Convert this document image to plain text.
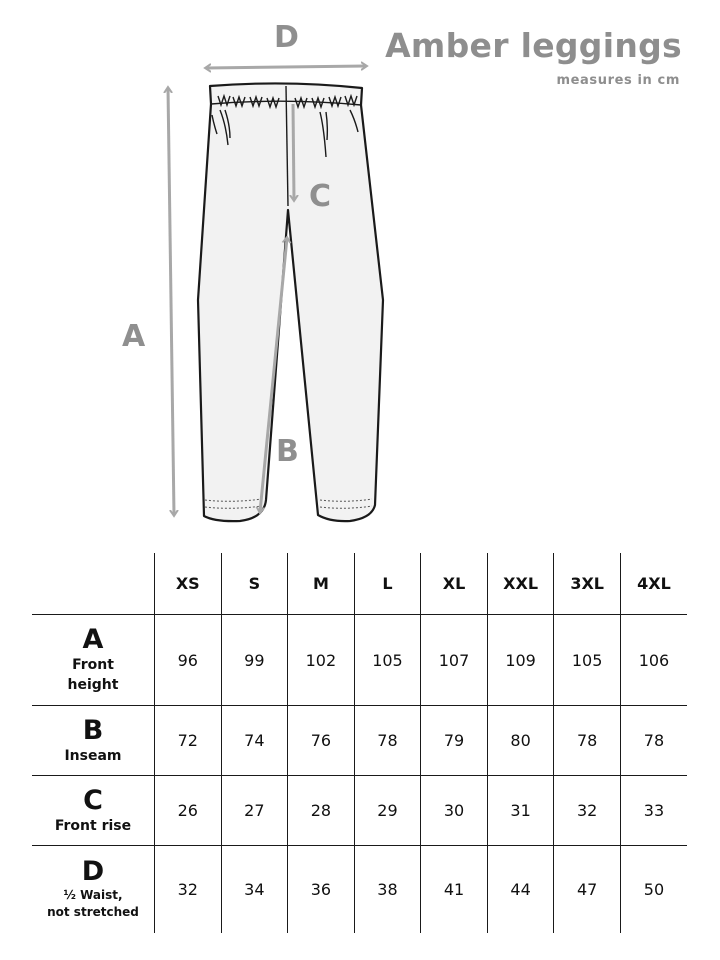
Amber leggings
measures in cm
D
C
A
B
	XS	S	M	L	XL	XXL	3XL	4XL

A
Front
height	96	99	102	105	107	109	105	106

B
Inseam	72	74	76	78	79	80	78	78

C
Front rise	26	27	28	29	30	31	32	33

D
½ Waist,
not stretched	32	34	36	38	41	44	47	50
